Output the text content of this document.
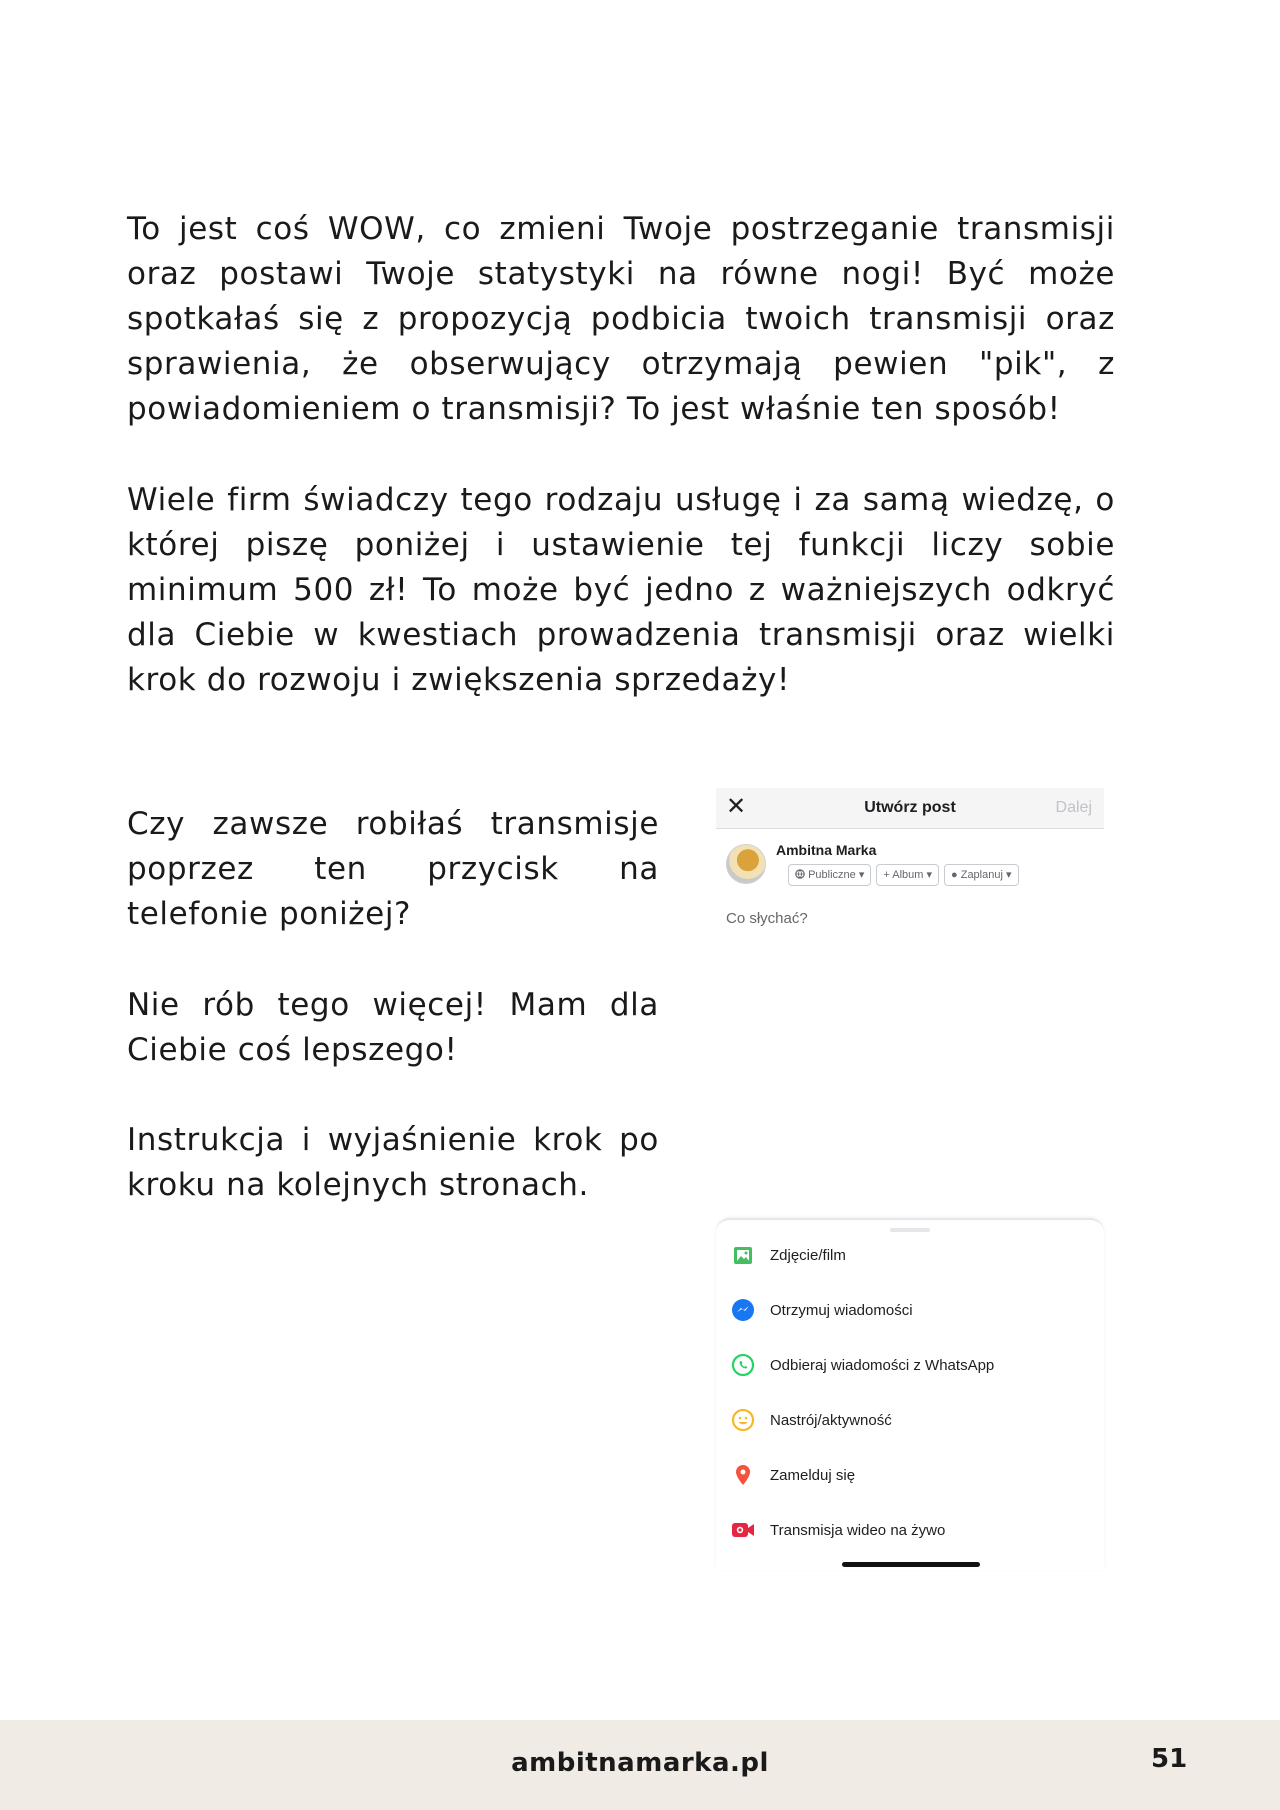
To jest coś WOW, co zmieni Twoje postrzeganie transmisji oraz postawi Twoje statystyki na równe nogi! Być może spotkałaś się z propozycją podbicia twoich transmisji oraz sprawienia, że obserwujący otrzymają pewien "pik", z powiadomieniem o transmisji? To jest właśnie ten sposób!

Wiele firm świadczy tego rodzaju usługę i za samą wiedzę, o której piszę poniżej i ustawienie tej funkcji liczy sobie minimum 500 zł! To może być jedno z ważniejszych odkryć dla Ciebie w kwestiach prowadzenia transmisji oraz wielki krok do rozwoju i zwiększenia sprzedaży!

Czy zawsze robiłaś transmisje poprzez ten przycisk na telefonie poniżej?

Nie rób tego więcej! Mam dla Ciebie coś lepszego!

Instrukcja i wyjaśnienie krok po kroku na kolejnych stronach.

✕	Utwórz post	Dalej
Ambitna Marka
Publiczne ▾	+ Album ▾	● Zaplanuj ▾
Co słychać?
Zdjęcie/film
Otrzymuj wiadomości
Odbieraj wiadomości z WhatsApp
Nastrój/aktywność
Zamelduj się
Transmisja wideo na żywo
ambitnamarka.pl	51
